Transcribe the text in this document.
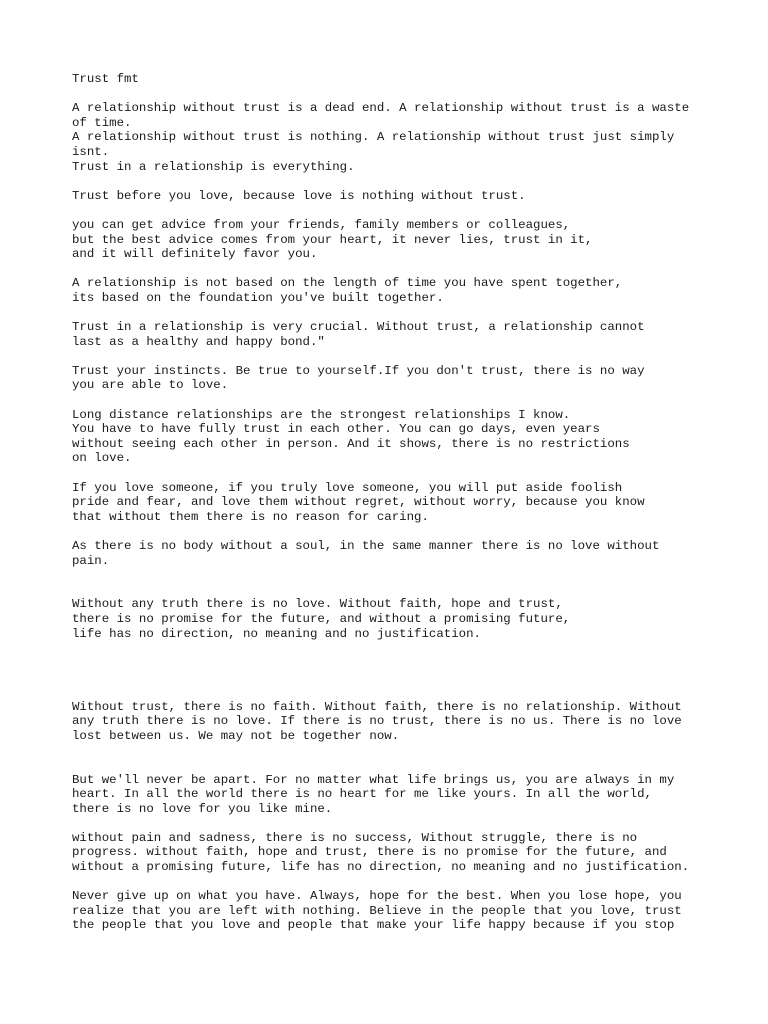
Trust fmt
A relationship without trust is a dead end. A relationship without trust is a waste
of time.
A relationship without trust is nothing. A relationship without trust just simply
isnt.
Trust in a relationship is everything.
Trust before you love, because love is nothing without trust.
you can get advice from your friends, family members or colleagues,
but the best advice comes from your heart, it never lies, trust in it,
and it will definitely favor you.
A relationship is not based on the length of time you have spent together,
its based on the foundation you've built together.
Trust in a relationship is very crucial. Without trust, a relationship cannot
last as a healthy and happy bond."
Trust your instincts. Be true to yourself.If you don't trust, there is no way
you are able to love.
Long distance relationships are the strongest relationships I know.
You have to have fully trust in each other. You can go days, even years
without seeing each other in person. And it shows, there is no restrictions
on love.
If you love someone, if you truly love someone, you will put aside foolish
pride and fear, and love them without regret, without worry, because you know
that without them there is no reason for caring.
As there is no body without a soul, in the same manner there is no love without
pain.
Without any truth there is no love. Without faith, hope and trust,
there is no promise for the future, and without a promising future,
life has no direction, no meaning and no justification.
Without trust, there is no faith. Without faith, there is no relationship. Without
any truth there is no love. If there is no trust, there is no us. There is no love
lost between us. We may not be together now.
But we'll never be apart. For no matter what life brings us, you are always in my
heart. In all the world there is no heart for me like yours. In all the world,
there is no love for you like mine.
without pain and sadness, there is no success, Without struggle, there is no
progress. without faith, hope and trust, there is no promise for the future, and
without a promising future, life has no direction, no meaning and no justification.
Never give up on what you have. Always, hope for the best. When you lose hope, you
realize that you are left with nothing. Believe in the people that you love, trust
the people that you love and people that make your life happy because if you stop
